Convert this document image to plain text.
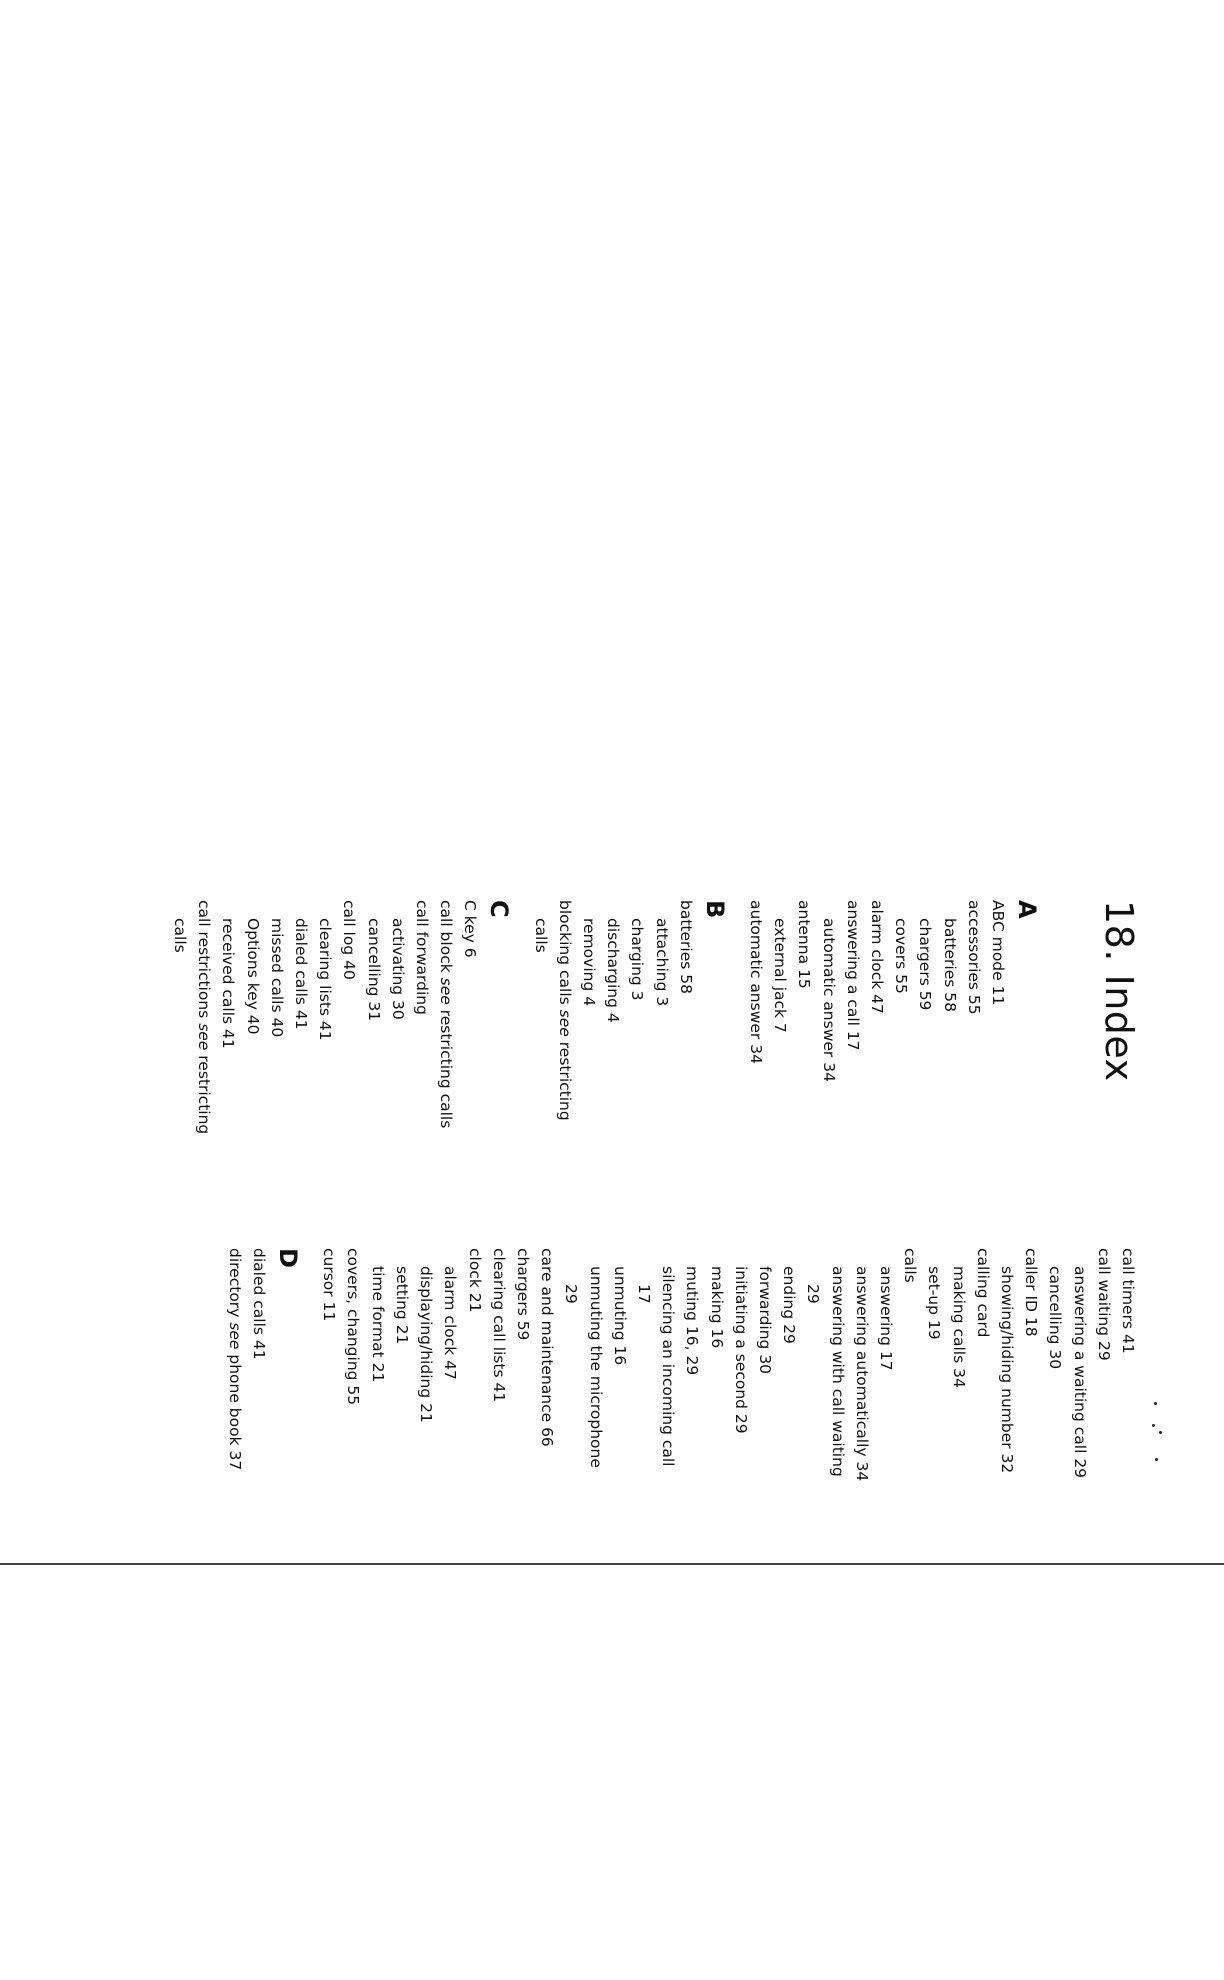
18. Index
A
ABC mode 11
accessories 55
batteries 58
chargers 59
covers 55
alarm clock 47
answering a call 17
automatic answer 34
antenna 15
external jack 7
automatic answer 34
B
batteries 58
attaching 3
charging 3
discharging 4
removing 4
blocking calls see restricting
calls
C
C key 6
call block see restricting calls
call forwarding
activating 30
cancelling 31
call log 40
clearing lists 41
dialed calls 41
missed calls 40
Options key 40
received calls 41
call restrictions see restricting
calls
call timers 41
call waiting 29
answering a waiting call 29
cancelling 30
caller ID 18
showing/hiding number 32
calling card
making calls 34
set-up 19
calls
answering 17
answering automatically 34
answering with call waiting
29
ending 29
forwarding 30
initiating a second 29
making 16
muting 16, 29
silencing an incoming call
17
unmuting 16
unmuting the microphone
29
care and maintenance 66
chargers 59
clearing call lists 41
clock 21
alarm clock 47
displaying/hiding 21
setting 21
time format 21
covers, changing 55
cursor 11
D
dialed calls 41
directory see phone book 37
